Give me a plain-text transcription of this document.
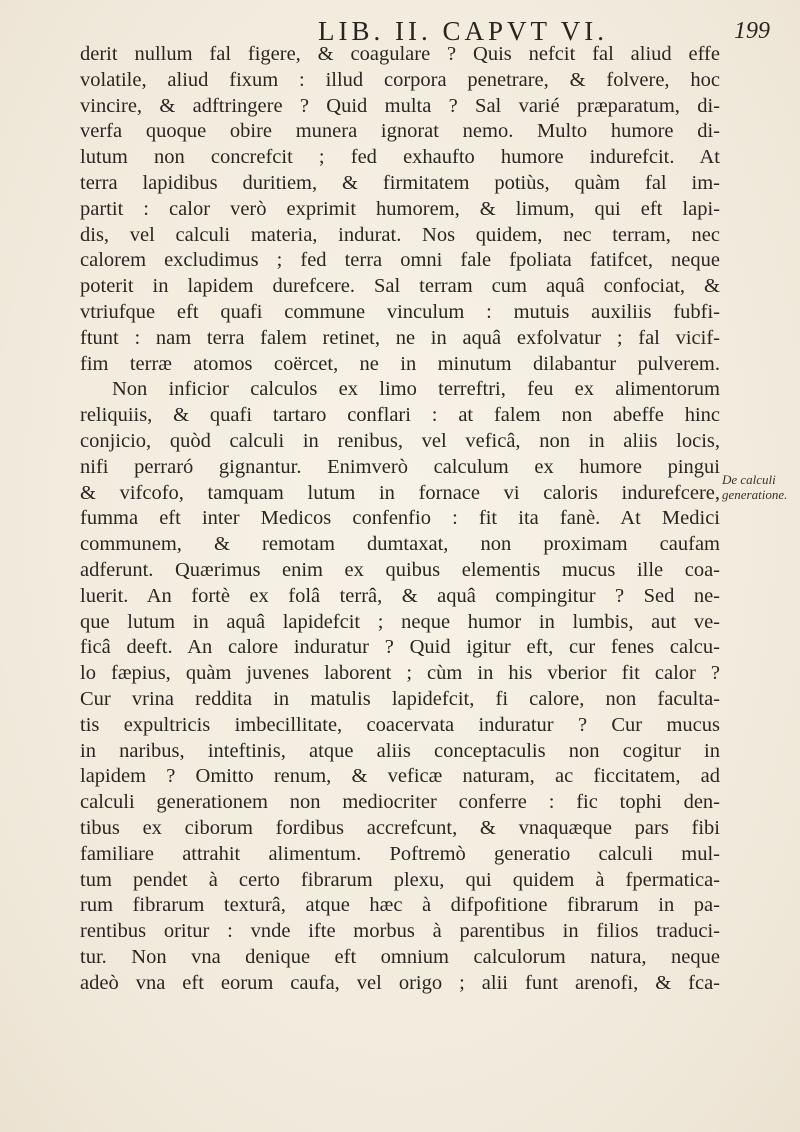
LIB. II. CAPVT VI.	199
derit nullum fal figere, & coagulare ? Quis nefcit fal aliud effe
volatile, aliud fixum : illud corpora penetrare, & folvere, hoc
vincire, & adftringere ? Quid multa ? Sal varié præparatum, di-
verfa quoque obire munera ignorat nemo. Multo humore di-
lutum non concrefcit ; fed exhaufto humore indurefcit. At
terra lapidibus duritiem, & firmitatem potiùs, quàm fal im-
partit : calor verò exprimit humorem, & limum, qui eft lapi-
dis, vel calculi materia, indurat. Nos quidem, nec terram, nec
calorem excludimus ; fed terra omni fale fpoliata fatifcet, neque
poterit in lapidem durefcere. Sal terram cum aquâ confociat, &
vtriufque eft quafi commune vinculum : mutuis auxiliis fubfi-
ftunt : nam terra falem retinet, ne in aquâ exfolvatur ; fal vicif-
fim terræ atomos coërcet, ne in minutum dilabantur pulverem.
Non inficior calculos ex limo terreftri, feu ex alimentorum
reliquiis, & quafi tartaro conflari : at falem non abeffe hinc
conjicio, quòd calculi in renibus, vel veficâ, non in aliis locis,
nifi perraró gignantur. Enimverò calculum ex humore pingui
& vifcofo, tamquam lutum in fornace vi caloris indurefcere,
fumma eft inter Medicos confenfio : fit ita fanè. At Medici
communem, & remotam dumtaxat, non proximam caufam
adferunt. Quærimus enim ex quibus elementis mucus ille coa-
luerit. An fortè ex folâ terrâ, & aquâ compingitur ? Sed ne-
que lutum in aquâ lapidefcit ; neque humor in lumbis, aut ve-
ficâ deeft. An calore induratur ? Quid igitur eft, cur fenes calcu-
lo fæpius, quàm juvenes laborent ; cùm in his vberior fit calor ?
Cur vrina reddita in matulis lapidefcit, fi calore, non faculta-
tis expultricis imbecillitate, coacervata induratur ? Cur mucus
in naribus, inteftinis, atque aliis conceptaculis non cogitur in
lapidem ? Omitto renum, & veficæ naturam, ac ficcitatem, ad
calculi generationem non mediocriter conferre : fic tophi den-
tibus ex ciborum fordibus accrefcunt, & vnaquæque pars fibi
familiare attrahit alimentum. Poftremò generatio calculi mul-
tum pendet à certo fibrarum plexu, qui quidem à fpermatica-
rum fibrarum texturâ, atque hæc à difpofitione fibrarum in pa-
rentibus oritur : vnde ifte morbus à parentibus in filios traduci-
tur. Non vna denique eft omnium calculorum natura, neque
adeò vna eft eorum caufa, vel origo ; alii funt arenofi, & fca-
De calculi
generatione.
